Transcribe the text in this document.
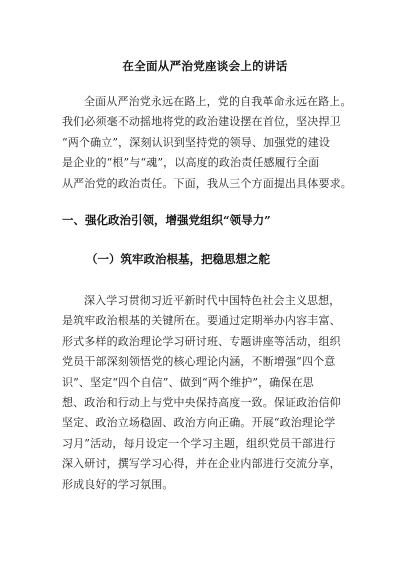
在全面从严治党座谈会上的讲话
全面从严治党永远在路上，党的自我革命永远在路上。
我们必须毫不动摇地将党的政治建设摆在首位，坚决捍卫
“两个确立”，深刻认识到坚持党的领导、加强党的建设
是企业的“根”与“魂”，以高度的政治责任感履行全面
从严治党的政治责任。下面，我从三个方面提出具体要求。
一、强化政治引领，增强党组织“领导力”
（一）筑牢政治根基，把稳思想之舵
深入学习贯彻习近平新时代中国特色社会主义思想，
是筑牢政治根基的关键所在。要通过定期举办内容丰富、
形式多样的政治理论学习研讨班、专题讲座等活动，组织
党员干部深刻领悟党的核心理论内涵，不断增强“四个意
识”、坚定“四个自信”、做到“两个维护”，确保在思
想、政治和行动上与党中央保持高度一致。保证政治信仰
坚定、政治立场稳固、政治方向正确。开展“政治理论学
习月”活动，每月设定一个学习主题，组织党员干部进行
深入研讨，撰写学习心得，并在企业内部进行交流分享，
形成良好的学习氛围。
